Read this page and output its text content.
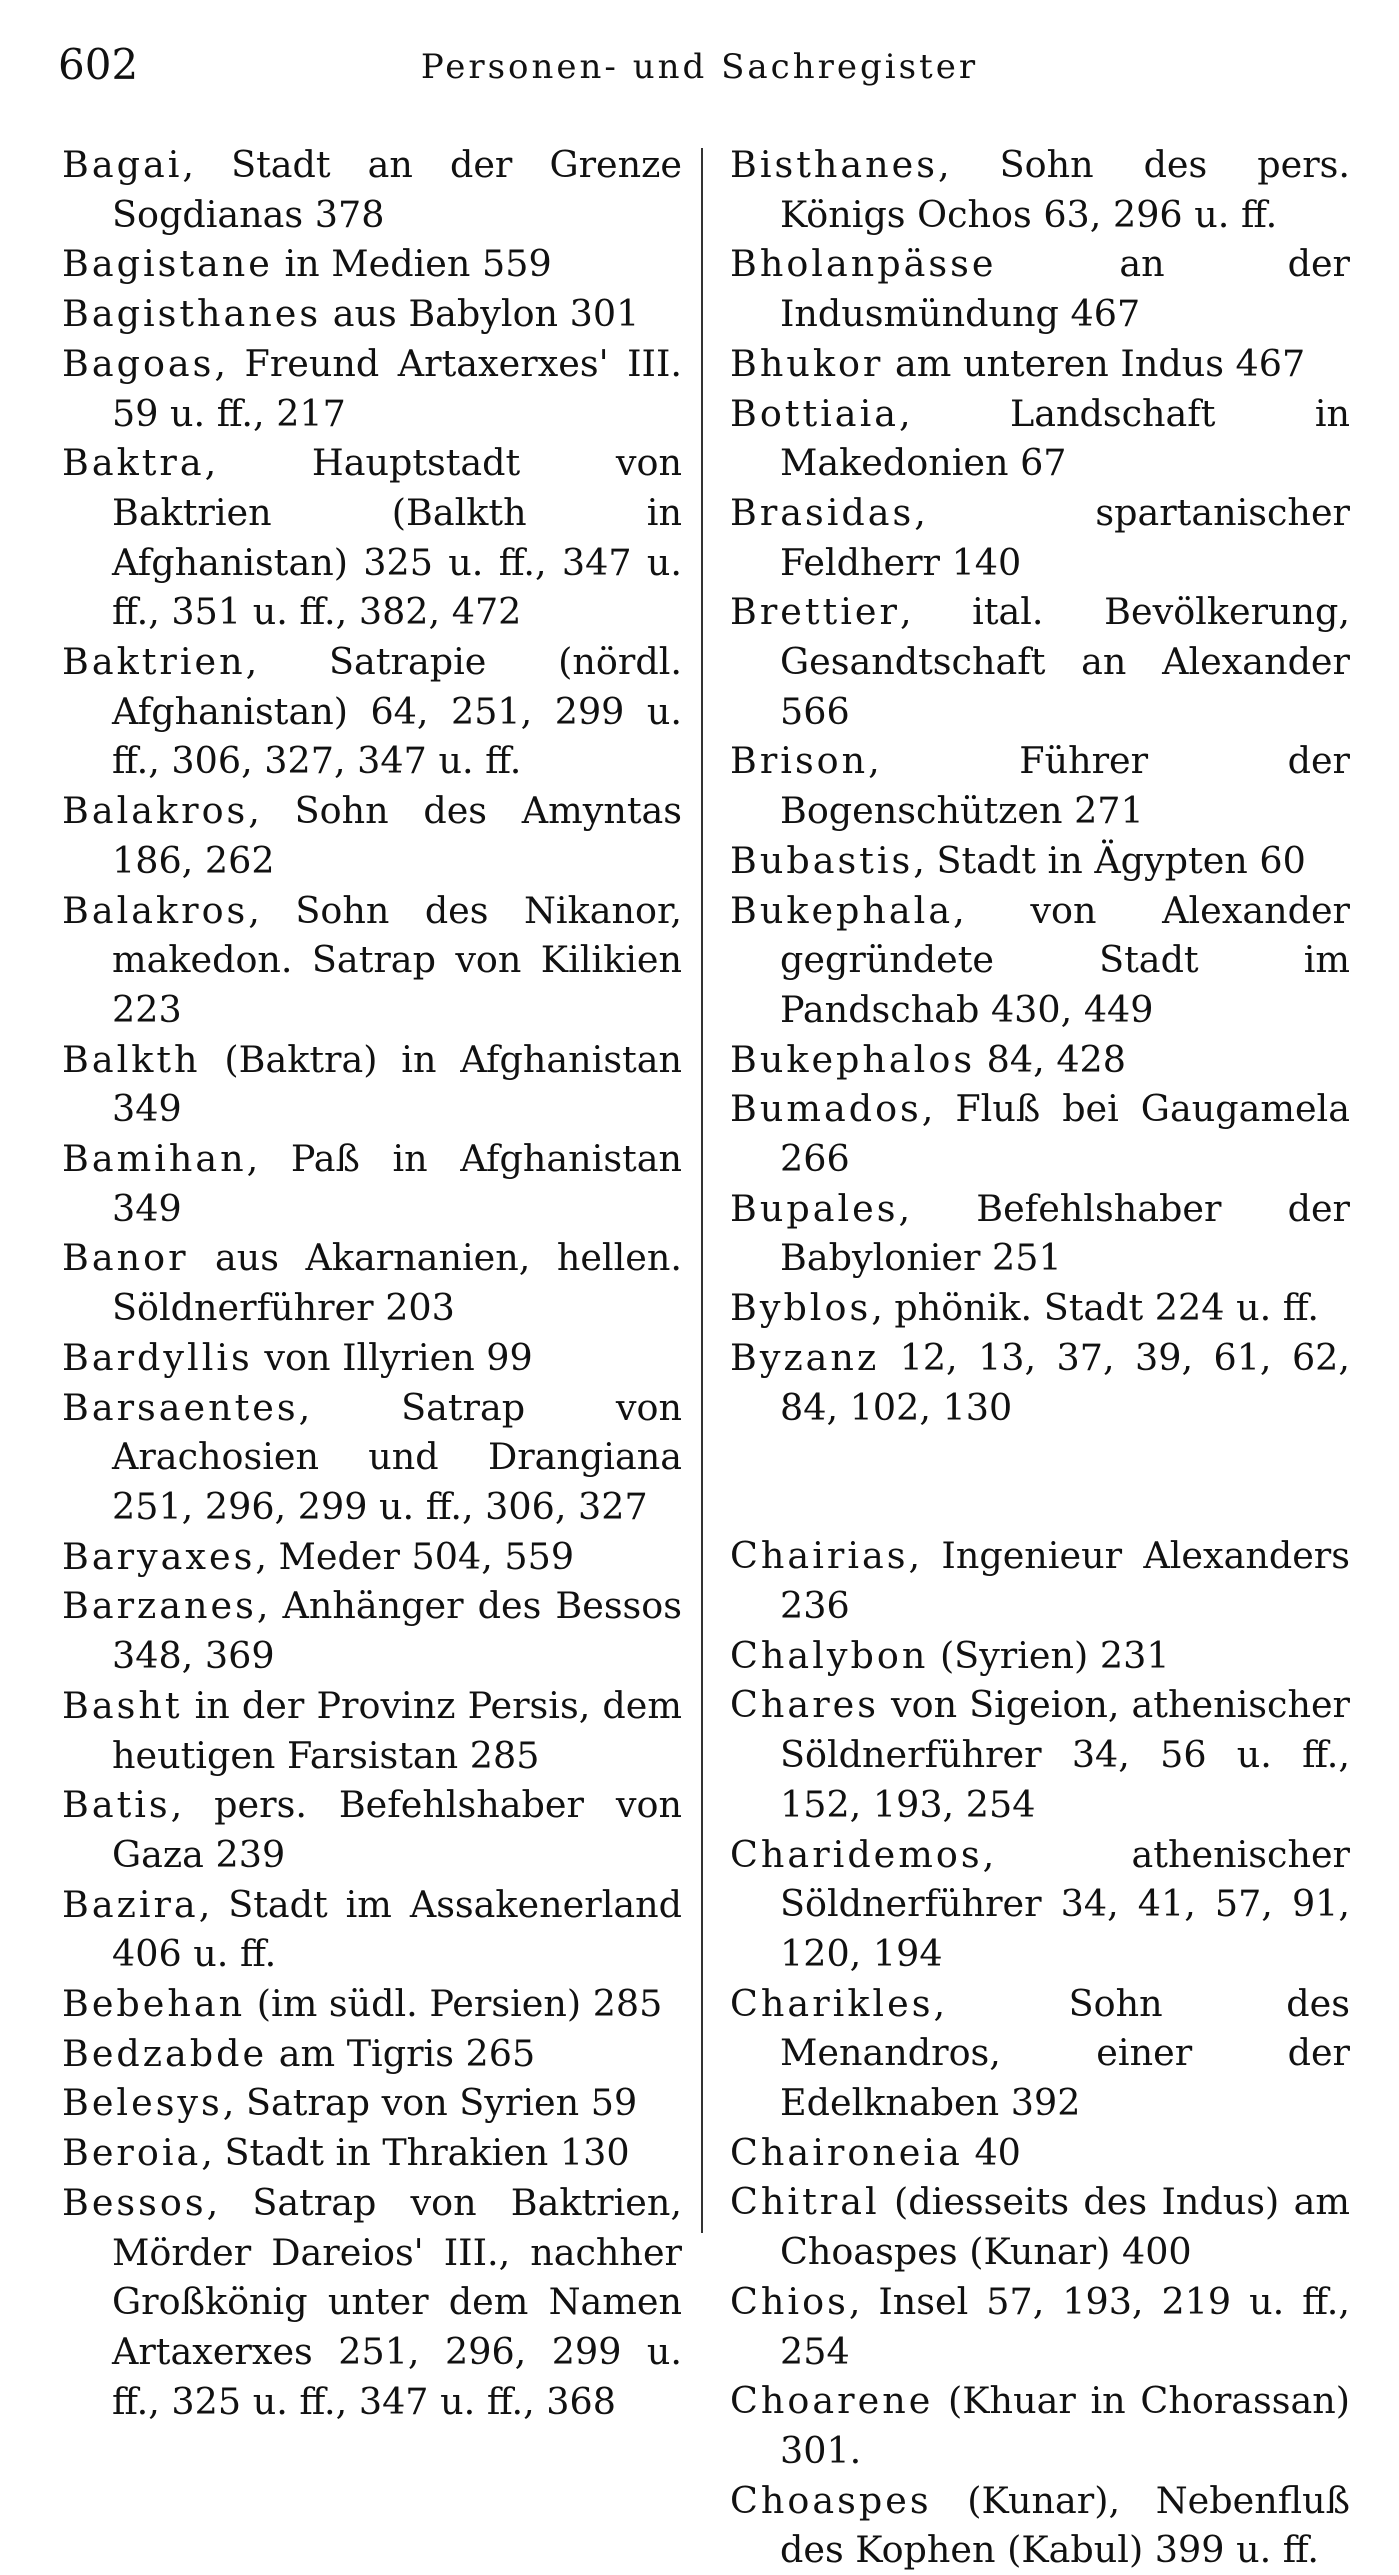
602	Personen- und Sachregister

Bagai, Stadt an der Grenze Sogdianas 378

Bagistane in Medien 559

Bagisthanes aus Babylon 301

Bagoas, Freund Artaxerxes' III. 59 u. ff., 217

Baktra, Hauptstadt von Baktrien (Balkth in Afghanistan) 325 u. ff., 347 u. ff., 351 u. ff., 382, 472

Baktrien, Satrapie (nördl. Afghanistan) 64, 251, 299 u. ff., 306, 327, 347 u. ff.

Balakros, Sohn des Amyntas 186, 262

Balakros, Sohn des Nikanor, makedon. Satrap von Kilikien 223

Balkth (Baktra) in Afghanistan 349

Bamihan, Paß in Afghanistan 349

Banor aus Akarnanien, hellen. Söldnerführer 203

Bardyllis von Illyrien 99

Barsaentes, Satrap von Arachosien und Drangiana 251, 296, 299 u. ff., 306, 327

Baryaxes, Meder 504, 559

Barzanes, Anhänger des Bessos 348, 369

Basht in der Provinz Persis, dem heutigen Farsistan 285

Batis, pers. Befehlshaber von Gaza 239

Bazira, Stadt im Assakenerland 406 u. ff.

Bebehan (im südl. Persien) 285

Bedzabde am Tigris 265

Belesys, Satrap von Syrien 59

Beroia, Stadt in Thrakien 130

Bessos, Satrap von Baktrien, Mörder Dareios' III., nachher Großkönig unter dem Namen Artaxerxes 251, 296, 299 u. ff., 325 u. ff., 347 u. ff., 368

Bisthanes, Sohn des pers. Königs Ochos 63, 296 u. ff.

Bholanpässe an der Indusmündung 467

Bhukor am unteren Indus 467

Bottiaia, Landschaft in Makedonien 67

Brasidas, spartanischer Feldherr 140

Brettier, ital. Bevölkerung, Gesandtschaft an Alexander 566

Brison, Führer der Bogenschützen 271

Bubastis, Stadt in Ägypten 60

Bukephala, von Alexander gegründete Stadt im Pandschab 430, 449

Bukephalos 84, 428

Bumados, Fluß bei Gaugamela 266

Bupales, Befehlshaber der Babylonier 251

Byblos, phönik. Stadt 224 u. ff.

Byzanz 12, 13, 37, 39, 61, 62, 84, 102, 130

Chairias, Ingenieur Alexanders 236

Chalybon (Syrien) 231

Chares von Sigeion, athenischer Söldnerführer 34, 56 u. ff., 152, 193, 254

Charidemos, athenischer Söldnerführer 34, 41, 57, 91, 120, 194

Charikles, Sohn des Menandros, einer der Edelknaben 392

Chaironeia 40

Chitral (diesseits des Indus) am Choaspes (Kunar) 400

Chios, Insel 57, 193, 219 u. ff., 254

Choarene (Khuar in Chorassan) 301.

Choaspes (Kunar), Nebenfluß des Kophen (Kabul) 399 u. ff.
